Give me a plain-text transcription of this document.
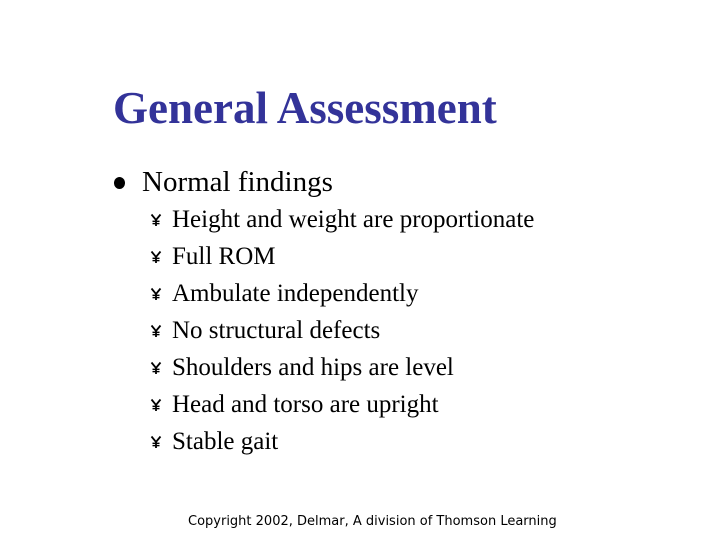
General Assessment
Normal findings
Height and weight are proportionate
Full ROM
Ambulate independently
No structural defects
Shoulders and hips are level
Head and torso are upright
Stable gait
Copyright 2002, Delmar, A division of Thomson Learning
